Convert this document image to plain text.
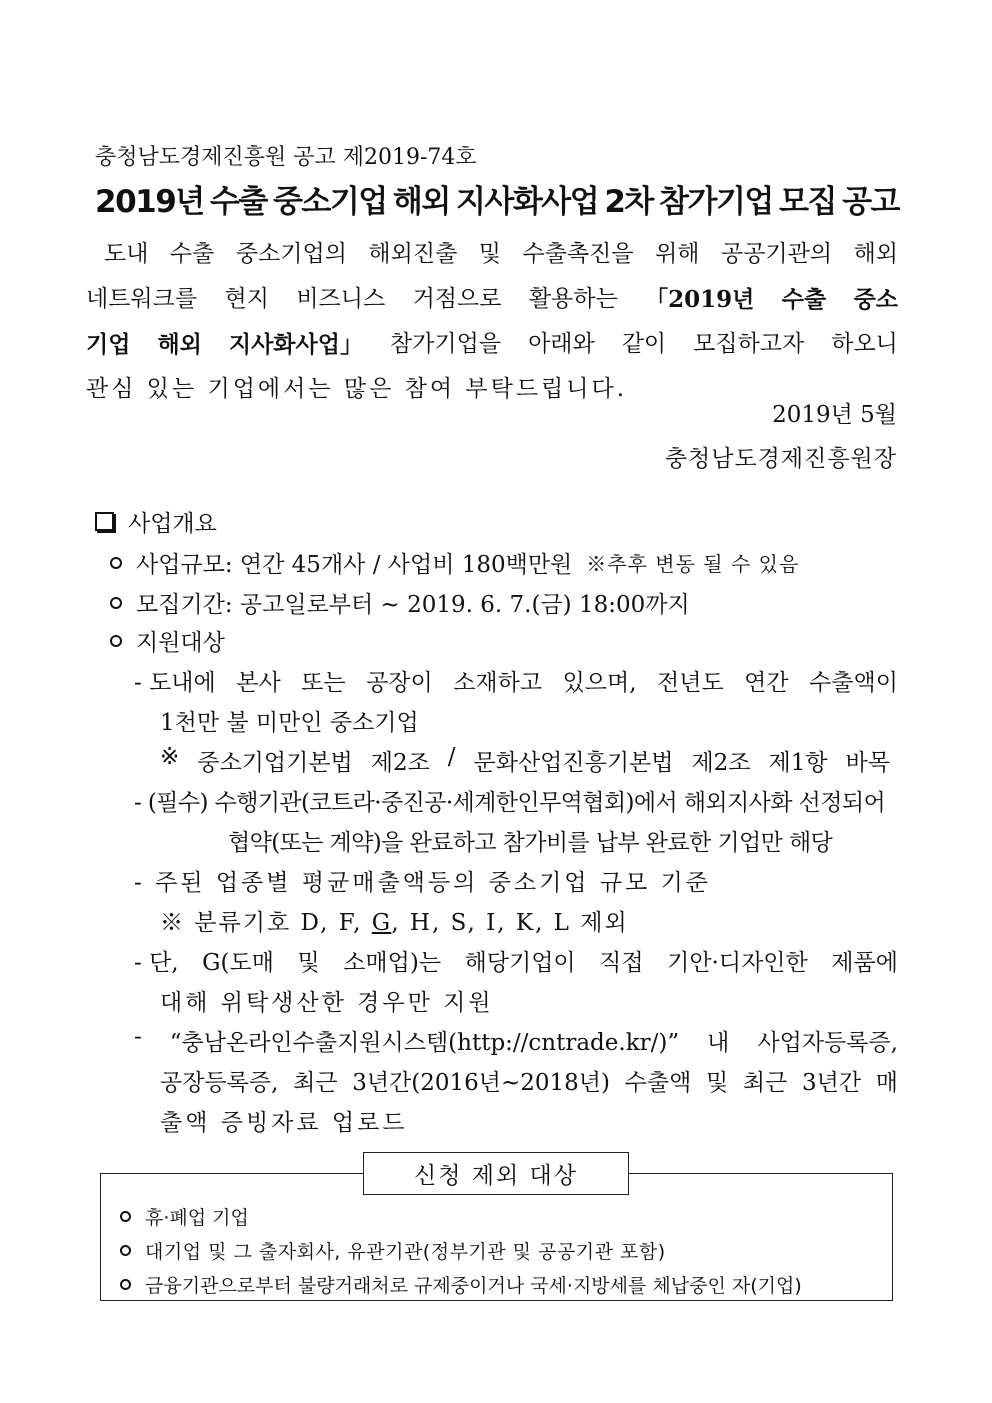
충청남도경제진흥원 공고 제2019-74호
2019년 수출 중소기업 해외 지사화사업 2차 참가기업 모집 공고
도내 수출 중소기업의 해외진출 및 수출촉진을 위해 공공기관의 해외
네트워크를 현지 비즈니스 거점으로 활용하는 「2019년 수출 중소
기업 해외 지사화사업」 참가기업을 아래와 같이 모집하고자 하오니
관심 있는 기업에서는 많은 참여 부탁드립니다.
2019년 5월
충청남도경제진흥원장
사업개요
사업규모: 연간 45개사 / 사업비 180백만원 ※추후 변동 될 수 있음
모집기간: 공고일로부터 ~ 2019. 6. 7.(금) 18:00까지
지원대상
- 도내에 본사 또는 공장이 소재하고 있으며, 전년도 연간 수출액이
1천만 불 미만인 중소기업
※ 중소기업기본법 제2조 / 문화산업진흥기본법 제2조 제1항 바목
- (필수) 수행기관(코트라·중진공·세계한인무역협회)에서 해외지사화 선정되어
협약(또는 계약)을 완료하고 참가비를 납부 완료한 기업만 해당
- 주된 업종별 평균매출액등의 중소기업 규모 기준
※ 분류기호 D, F, G, H, S, I, K, L 제외
- 단, G(도매 및 소매업)는 해당기업이 직접 기안·디자인한 제품에
대해 위탁생산한 경우만 지원
- “충남온라인수출지원시스템(http://cntrade.kr/)” 내 사업자등록증,
공장등록증, 최근 3년간(2016년~2018년) 수출액 및 최근 3년간 매
출액 증빙자료 업로드
신청 제외 대상
휴·폐업 기업
대기업 및 그 출자회사, 유관기관(정부기관 및 공공기관 포함)
금융기관으로부터 불량거래처로 규제중이거나 국세·지방세를 체납중인 자(기업)
